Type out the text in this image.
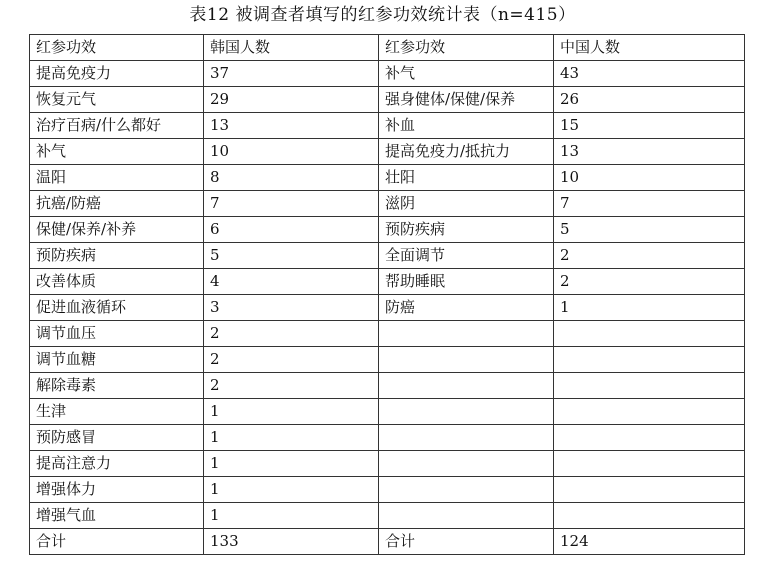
表12 被调查者填写的红参功效统计表（n=415）
红参功效	韩国人数	红参功效	中国人数
提高免疫力	37	补气	43
恢复元气	29	强身健体/保健/保养	26
治疗百病/什么都好	13	补血	15
补气	10	提高免疫力/抵抗力	13
温阳	8	壮阳	10
抗癌/防癌	7	滋阴	7
保健/保养/补养	6	预防疾病	5
预防疾病	5	全面调节	2
改善体质	4	帮助睡眠	2
促进血液循环	3	防癌	1
调节血压	2		
调节血糖	2		
解除毒素	2		
生津	1		
预防感冒	1		
提高注意力	1		
增强体力	1		
增强气血	1		
合计	133	合计	124
